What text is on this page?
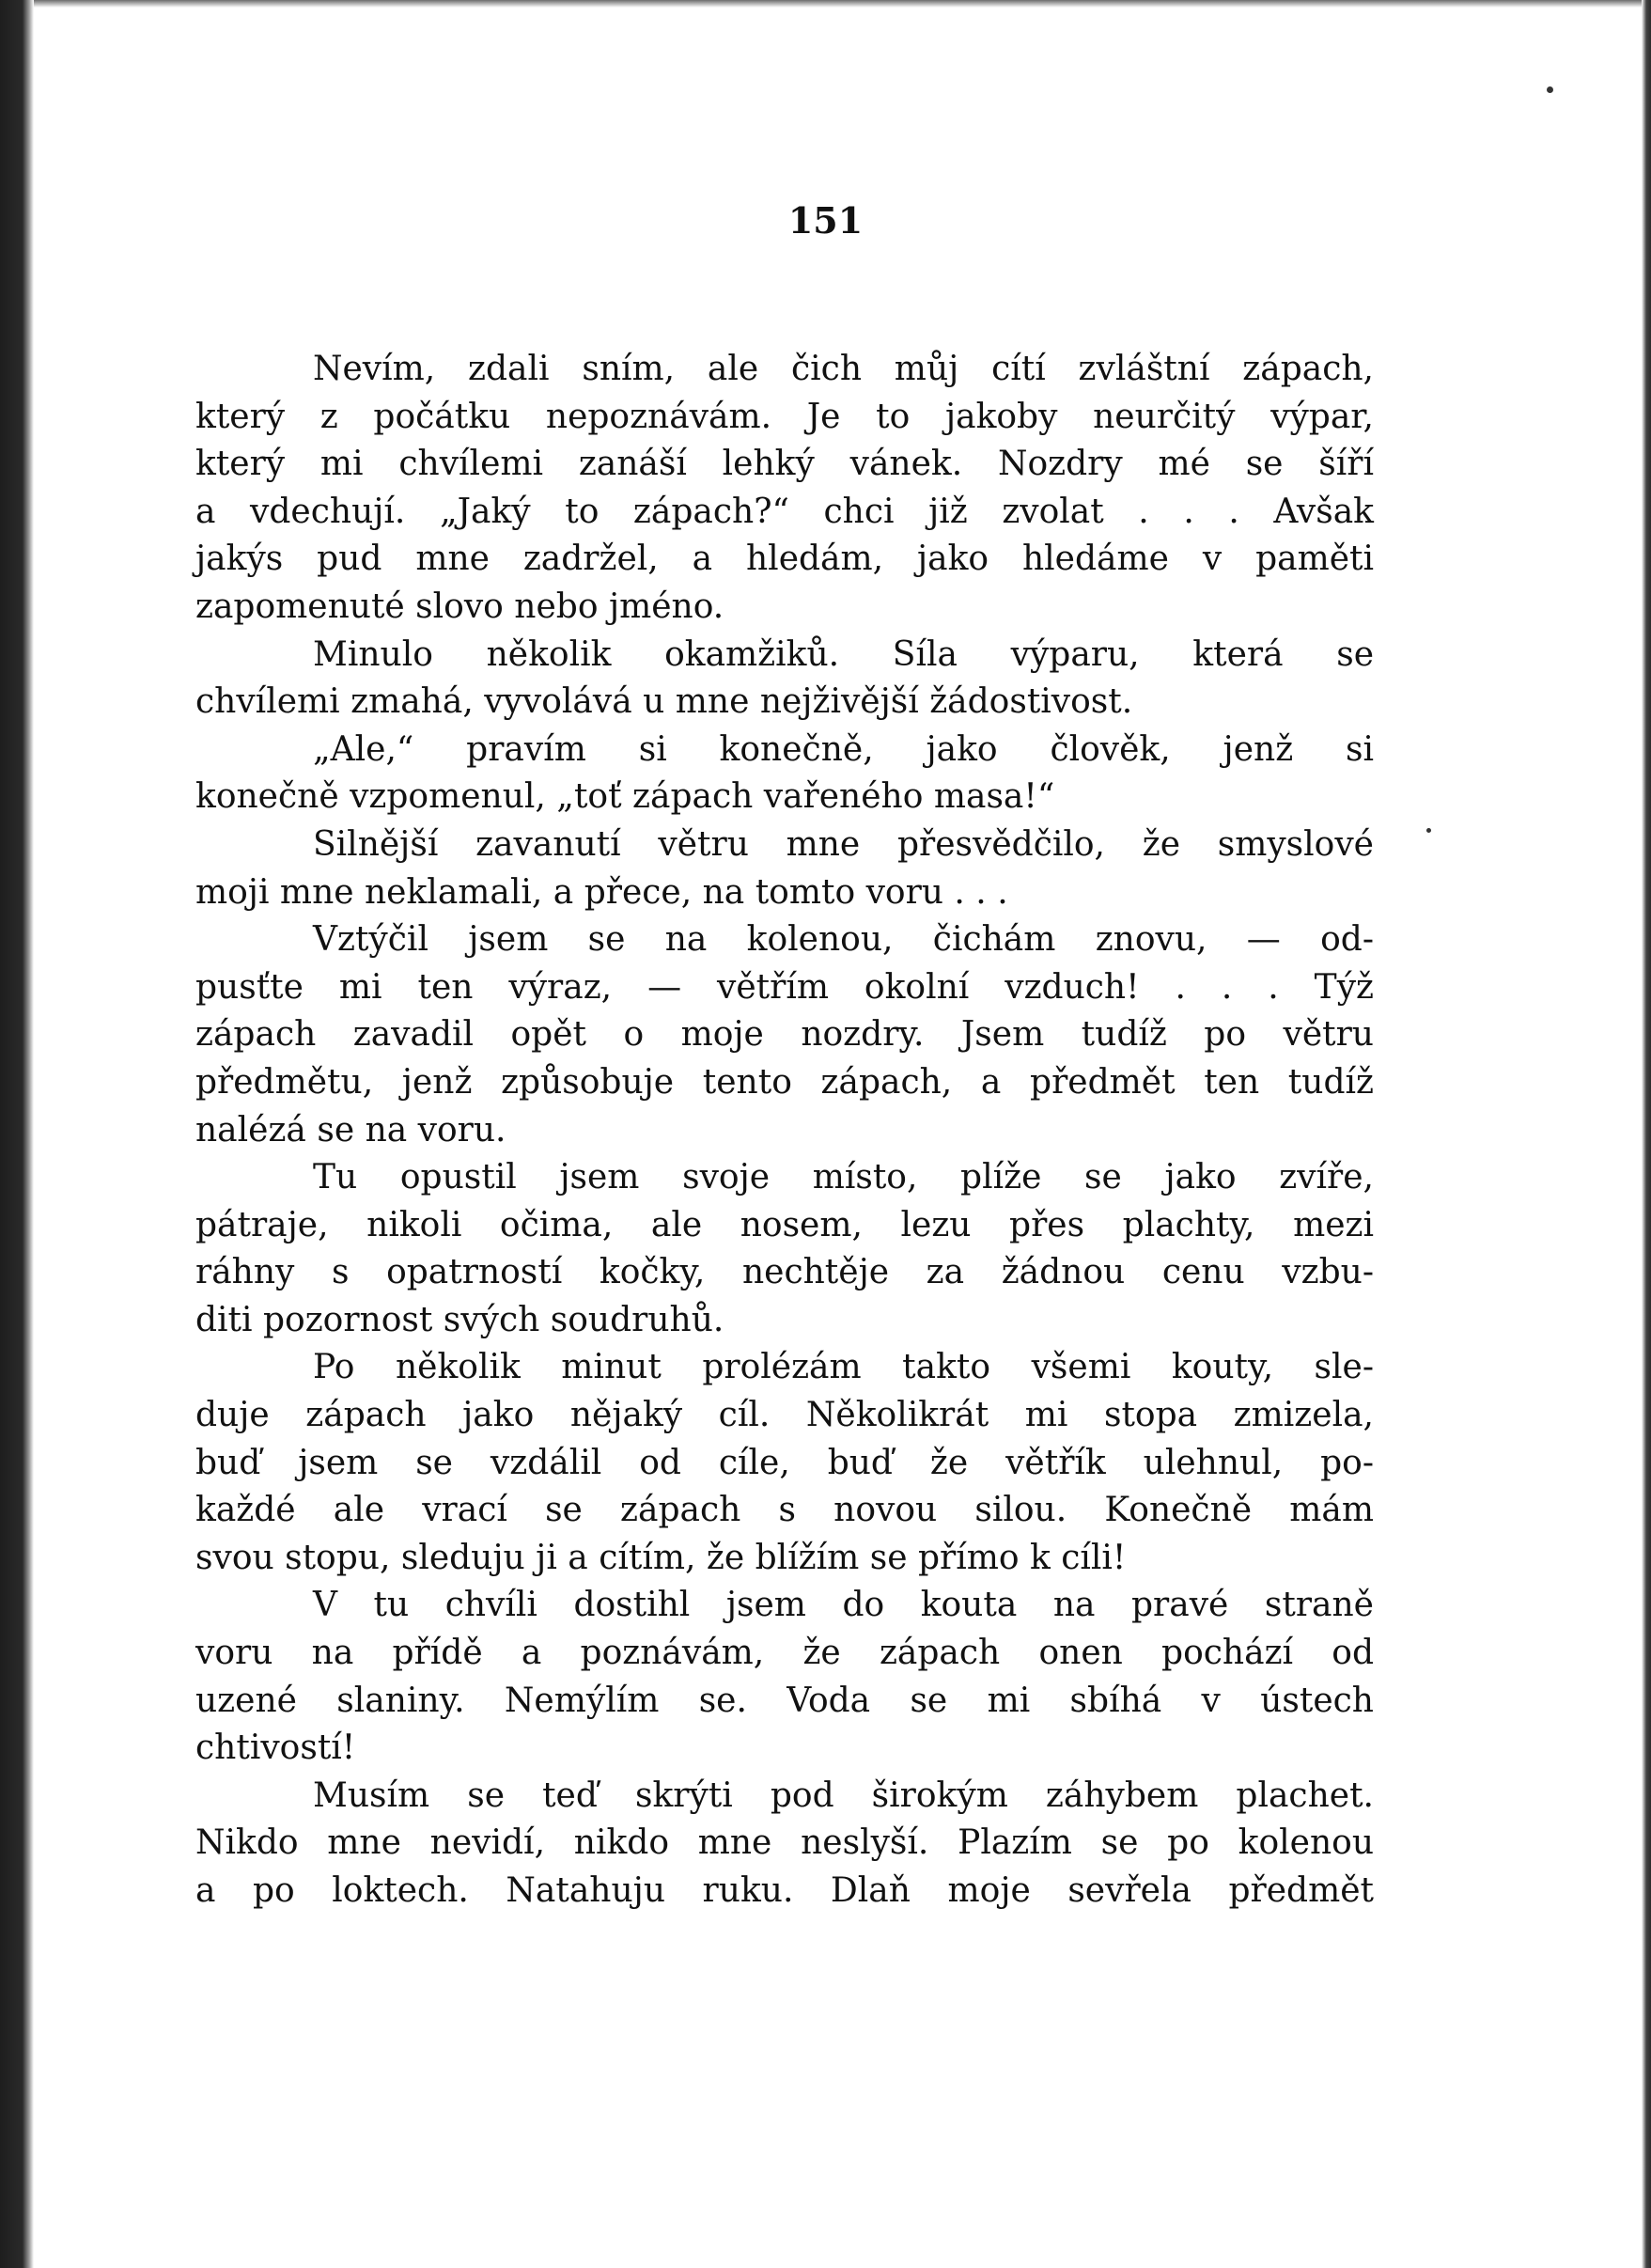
151
Nevím, zdali sním, ale čich můj cítí zvláštní zápach,
který z počátku nepoznávám. Je to jakoby neurčitý výpar,
který mi chvílemi zanáší lehký vánek. Nozdry mé se šíří
a vdechují. „Jaký to zápach?“ chci již zvolat . . . Avšak
jakýs pud mne zadržel, a hledám, jako hledáme v paměti
zapomenuté slovo nebo jméno.
Minulo několik okamžiků. Síla výparu, která se
chvílemi zmahá, vyvolává u mne nejživější žádostivost.
„Ale,“ pravím si konečně, jako člověk, jenž si
konečně vzpomenul, „toť zápach vařeného masa!“
Silnější zavanutí větru mne přesvědčilo, že smyslové
moji mne neklamali, a přece, na tomto voru . . .
Vztýčil jsem se na kolenou, čichám znovu, — od-
pusťte mi ten výraz, — větřím okolní vzduch! . . . Týž
zápach zavadil opět o moje nozdry. Jsem tudíž po větru
předmětu, jenž způsobuje tento zápach, a předmět ten tudíž
nalézá se na voru.
Tu opustil jsem svoje místo, plíže se jako zvíře,
pátraje, nikoli očima, ale nosem, lezu přes plachty, mezi
ráhny s opatrností kočky, nechtěje za žádnou cenu vzbu-
diti pozornost svých soudruhů.
Po několik minut prolézám takto všemi kouty, sle-
duje zápach jako nějaký cíl. Několikrát mi stopa zmizela,
buď jsem se vzdálil od cíle, buď že větřík ulehnul, po-
každé ale vrací se zápach s novou silou. Konečně mám
svou stopu, sleduju ji a cítím, že blížím se přímo k cíli!
V tu chvíli dostihl jsem do kouta na pravé straně
voru na přídě a poznávám, že zápach onen pochází od
uzené slaniny. Nemýlím se. Voda se mi sbíhá v ústech
chtivostí!
Musím se teď skrýti pod širokým záhybem plachet.
Nikdo mne nevidí, nikdo mne neslyší. Plazím se po kolenou
a po loktech. Natahuju ruku. Dlaň moje sevřela předmět
